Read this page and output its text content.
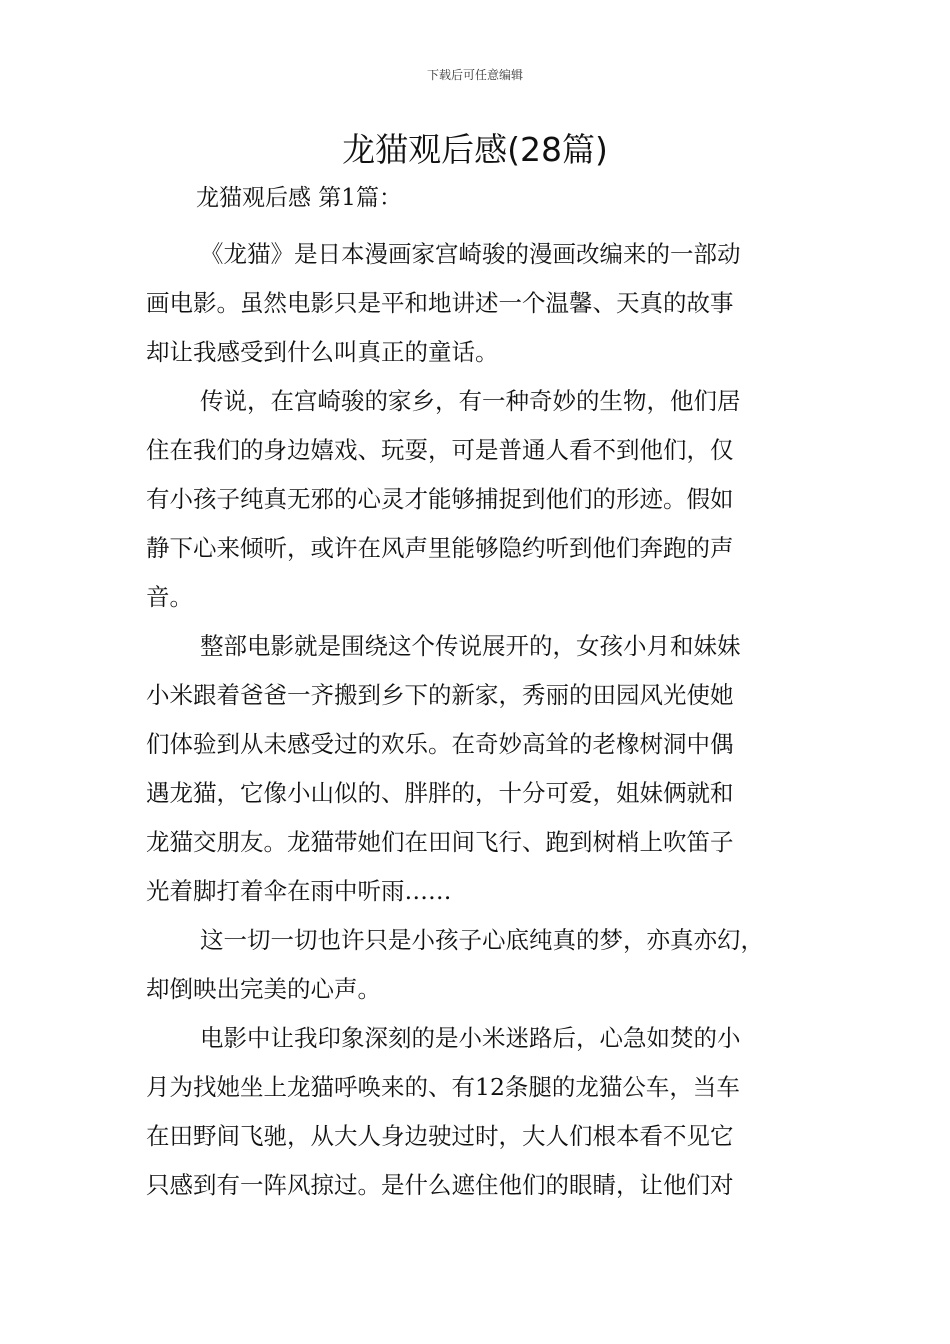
下载后可任意编辑
龙猫观后感(28篇)
龙猫观后感 第1篇：
《龙猫》是日本漫画家宫崎骏的漫画改编来的一部动
画电影。虽然电影只是平和地讲述一个温馨、天真的故事
却让我感受到什么叫真正的童话。
传说，在宫崎骏的家乡，有一种奇妙的生物，他们居
住在我们的身边嬉戏、玩耍，可是普通人看不到他们，仅
有小孩子纯真无邪的心灵才能够捕捉到他们的形迹。假如
静下心来倾听，或许在风声里能够隐约听到他们奔跑的声
音。
整部电影就是围绕这个传说展开的，女孩小月和妹妹
小米跟着爸爸一齐搬到乡下的新家，秀丽的田园风光使她
们体验到从未感受过的欢乐。在奇妙高耸的老橡树洞中偶
遇龙猫，它像小山似的、胖胖的，十分可爱，姐妹俩就和
龙猫交朋友。龙猫带她们在田间飞行、跑到树梢上吹笛子
光着脚打着伞在雨中听雨……
这一切一切也许只是小孩子心底纯真的梦，亦真亦幻，
却倒映出完美的心声。
电影中让我印象深刻的是小米迷路后，心急如焚的小
月为找她坐上龙猫呼唤来的、有12条腿的龙猫公车，当车
在田野间飞驰，从大人身边驶过时，大人们根本看不见它
只感到有一阵风掠过。是什么遮住他们的眼睛，让他们对
